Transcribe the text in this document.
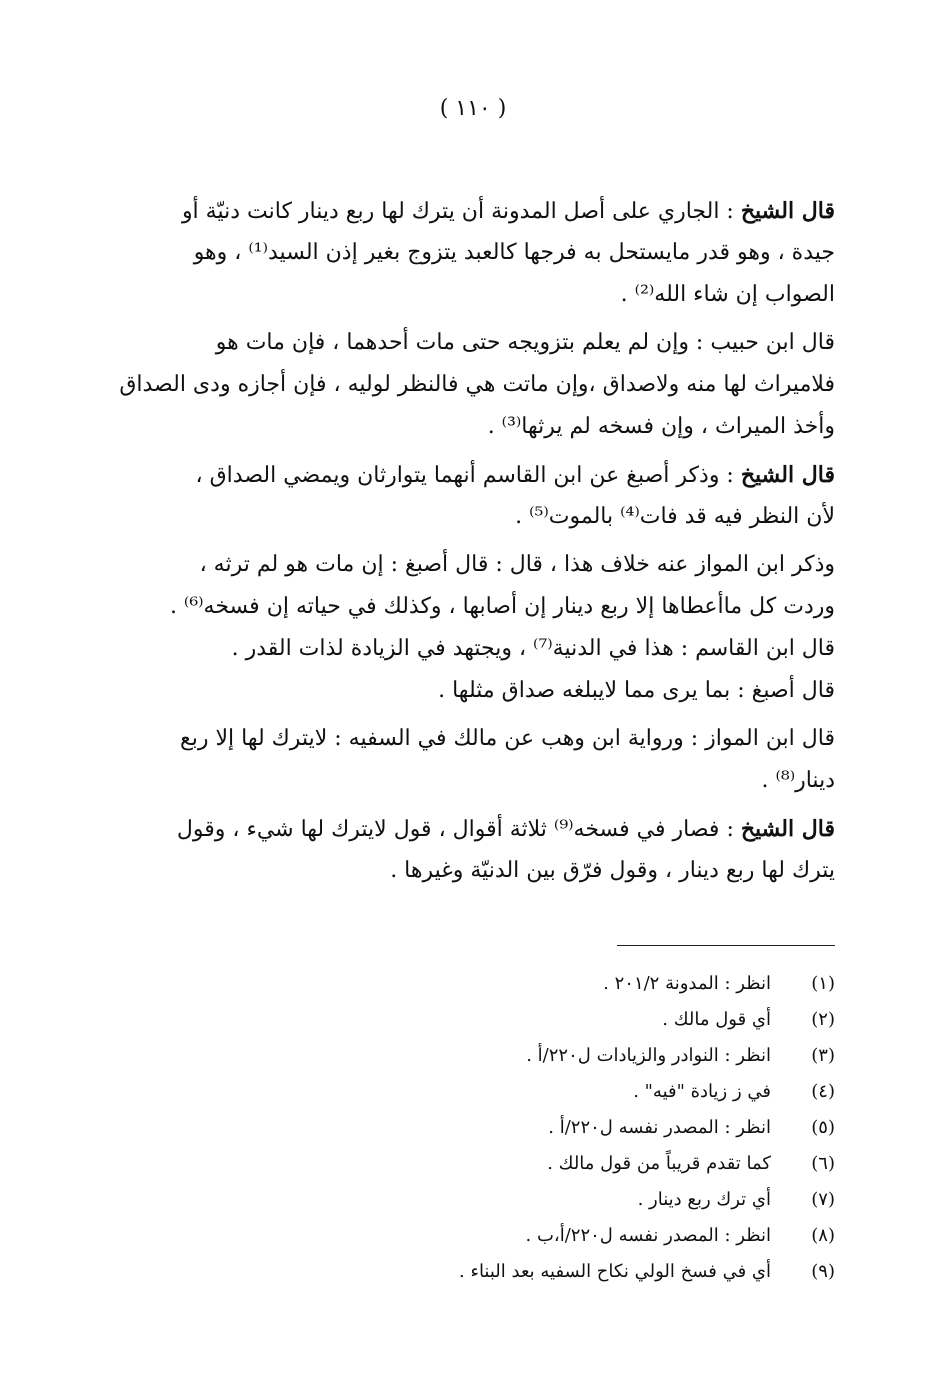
( ١١٠ )
قال الشيخ : الجاري على أصل المدونة أن يترك لها ربع دينار كانت دنيّة أو
جيدة ، وهو قدر مايستحل به فرجها كالعبد يتزوج بغير إذن السيد⁽¹⁾ ، وهو
الصواب إن شاء الله⁽²⁾ .
قال ابن حبيب : وإن لم يعلم بتزويجه حتى مات أحدهما ، فإن مات هو
فلاميراث لها منه ولاصداق ،وإن ماتت هي فالنظر لوليه ، فإن أجازه ودى الصداق
وأخذ الميراث ، وإن فسخه لم يرثها⁽³⁾ .
قال الشيخ : وذكر أصبغ عن ابن القاسم أنهما يتوارثان ويمضي الصداق ،
لأن النظر فيه قد فات⁽⁴⁾ بالموت⁽⁵⁾ .
وذكر ابن المواز عنه خلاف هذا ، قال : قال أصبغ : إن مات هو لم ترثه ،
وردت كل ماأعطاها إلا ربع دينار إن أصابها ، وكذلك في حياته إن فسخه⁽⁶⁾ .
قال ابن القاسم : هذا في الدنية⁽⁷⁾ ، ويجتهد في الزيادة لذات القدر .
قال أصبغ : بما يرى مما لايبلغه صداق مثلها .
قال ابن المواز : ورواية ابن وهب عن مالك في السفيه : لايترك لها إلا ربع
دينار⁽⁸⁾ .
قال الشيخ : فصار في فسخه⁽⁹⁾ ثلاثة أقوال ، قول لايترك لها شيء ، وقول
يترك لها ربع دينار ، وقول فرّق بين الدنيّة وغيرها .
(١)
انظر : المدونة ٢٠١/٢ .
(٢)
أي قول مالك .
(٣)
انظر : النوادر والزيادات ل٢٢٠/أ .
(٤)
في ز زيادة "فيه" .
(٥)
انظر : المصدر نفسه ل٢٢٠/أ .
(٦)
كما تقدم قريباً من قول مالك .
(٧)
أي ترك ربع دينار .
(٨)
انظر : المصدر نفسه ل٢٢٠/أ،ب .
(٩)
أي في فسخ الولي نكاح السفيه بعد البناء .
